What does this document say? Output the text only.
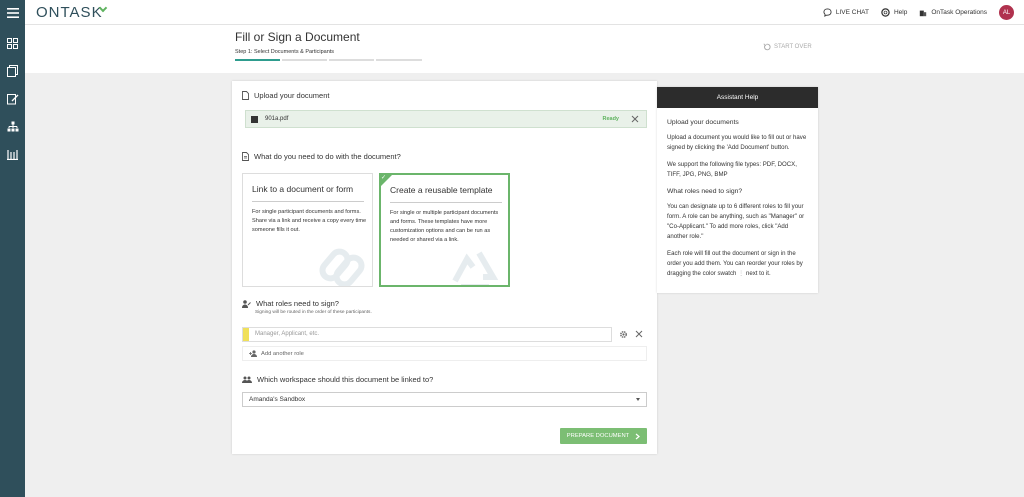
ONTASK	LIVE CHAT	Help	OnTask Operations	AL
Fill or Sign a Document
Step 1: Select Documents & Participants
START OVER
Upload your document
901a.pdf	Ready
What do you need to do with the document?
Link to a document or form
For single participant documents and forms. Share via a link and receive a copy every time someone fills it out.
✓
Create a reusable template
For single or multiple participant documents and forms. These templates have more customization options and can be run as needed or shared via a link.
What roles need to sign?
Signing will be routed in the order of these participants.
Manager, Applicant, etc.
Add another role
Which workspace should this document be linked to?
Amanda's Sandbox
PREPARE DOCUMENT
Assistant Help
Upload your documents

Upload a document you would like to fill out or have signed by clicking the 'Add Document' button.

We support the following file types: PDF, DOCX, TIFF, JPG, PNG, BMP

What roles need to sign?

You can designate up to 6 different roles to fill your form. A role can be anything, such as "Manager" or "Co-Applicant." To add more roles, click "Add another role."

Each role will fill out the document or sign in the order you add them. You can reorder your roles by dragging the color swatch ⋮ next to it.
